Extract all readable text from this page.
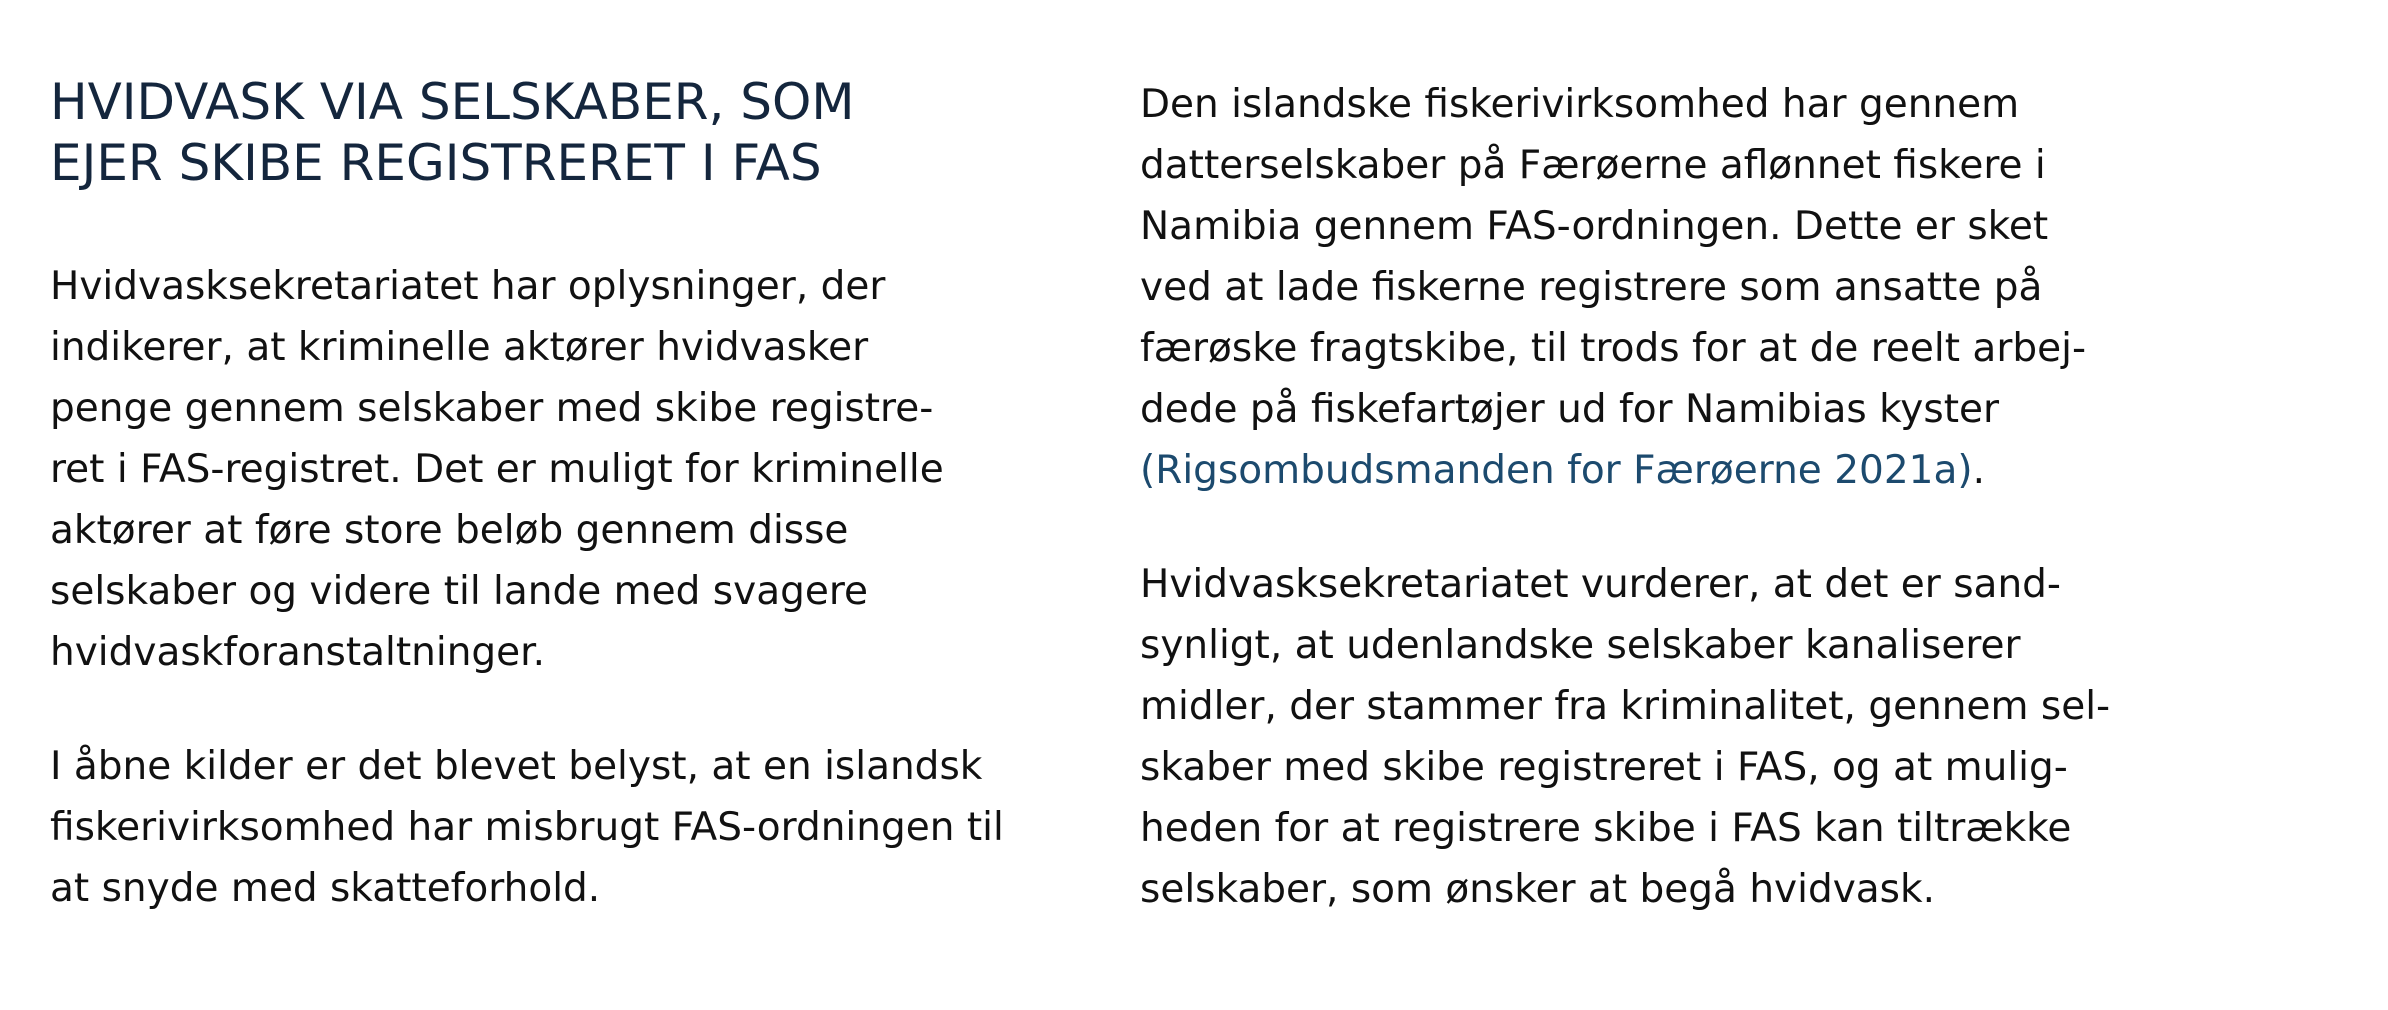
HVIDVASK VIA SELSKABER, SOM
EJER SKIBE REGISTRERET I FAS

Hvidvasksekretariatet har oplysninger, der
indikerer, at kriminelle aktører hvidvasker
penge gennem selskaber med skibe registre-
ret i FAS-registret. Det er muligt for kriminelle
aktører at føre store beløb gennem disse
selskaber og videre til lande med svagere
hvidvaskforanstaltninger.

I åbne kilder er det blevet belyst, at en islandsk
fiskerivirksomhed har misbrugt FAS-ordningen til
at snyde med skatteforhold.

Den islandske fiskerivirksomhed har gennem
datterselskaber på Færøerne aflønnet fiskere i
Namibia gennem FAS-ordningen. Dette er sket
ved at lade fiskerne registrere som ansatte på
færøske fragtskibe, til trods for at de reelt arbej-
dede på fiskefartøjer ud for Namibias kyster
(Rigsombudsmanden for Færøerne 2021a).

Hvidvasksekretariatet vurderer, at det er sand-
synligt, at udenlandske selskaber kanaliserer
midler, der stammer fra kriminalitet, gennem sel-
skaber med skibe registreret i FAS, og at mulig-
heden for at registrere skibe i FAS kan tiltrække
selskaber, som ønsker at begå hvidvask.
